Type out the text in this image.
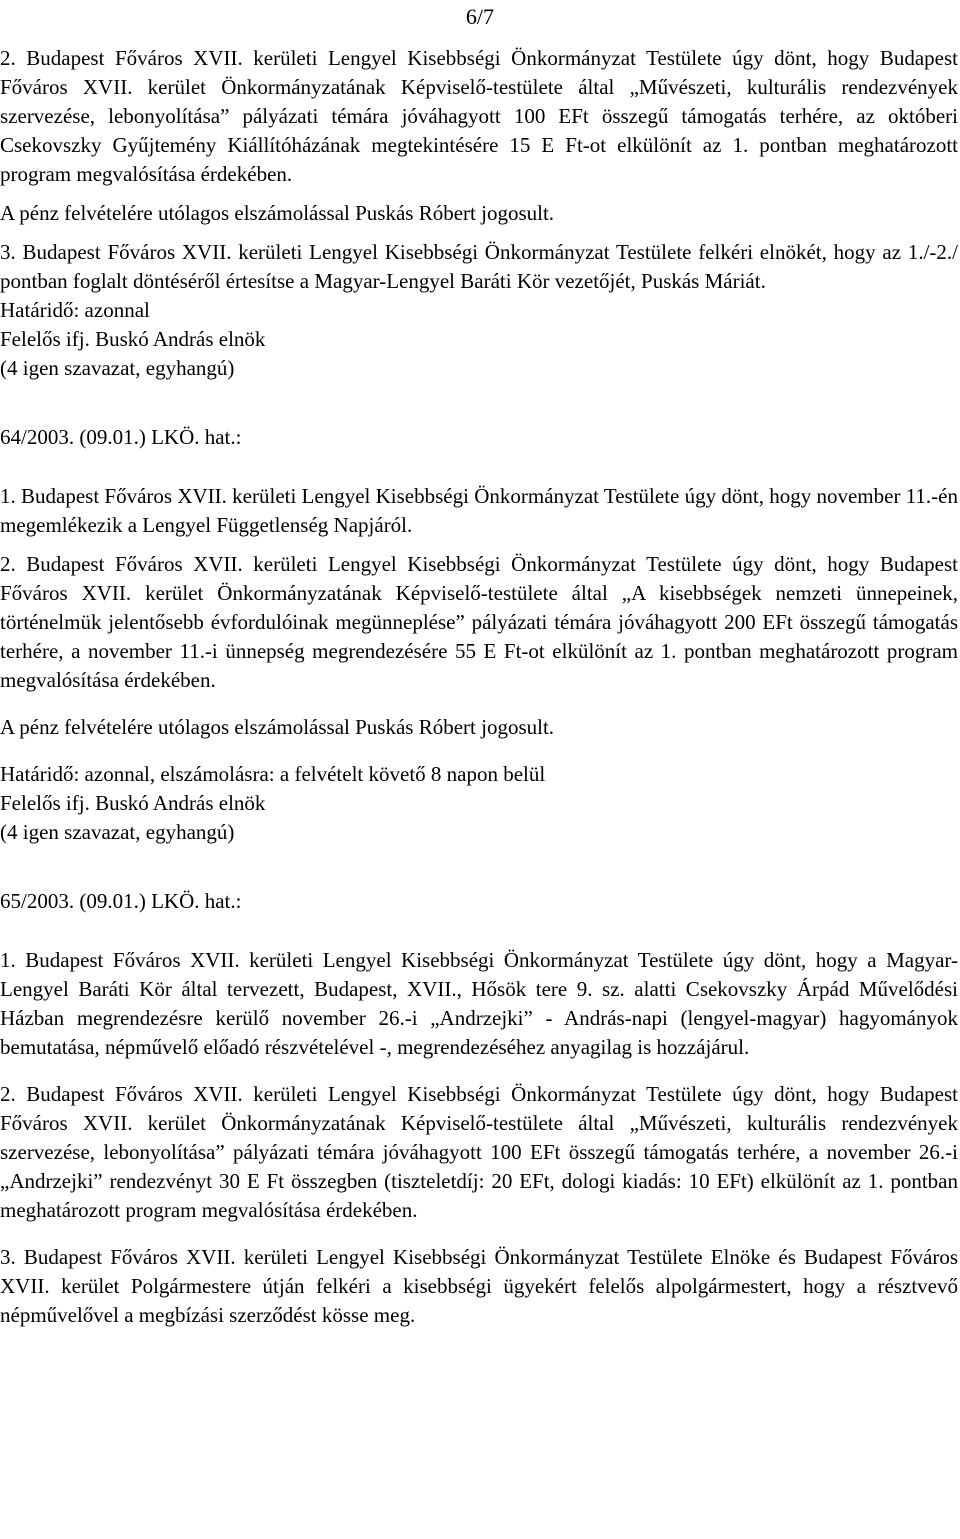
6/7

2. Budapest Főváros XVII. kerületi Lengyel Kisebbségi Önkormányzat Testülete úgy dönt, hogy Budapest Főváros XVII. kerület Önkormányzatának Képviselő-testülete által „Művészeti, kulturális rendezvények szervezése, lebonyolítása” pályázati témára jóváhagyott 100 EFt összegű támogatás terhére, az októberi Csekovszky Gyűjtemény Kiállítóházának megtekintésére 15 E Ft-ot elkülönít az 1. pontban meghatározott program megvalósítása érdekében.

A pénz felvételére utólagos elszámolással Puskás Róbert jogosult.

3. Budapest Főváros XVII. kerületi Lengyel Kisebbségi Önkormányzat Testülete felkéri elnökét, hogy az 1./-2./ pontban foglalt döntéséről értesítse a Magyar-Lengyel Baráti Kör vezetőjét, Puskás Máriát.

Határidő: azonnal

Felelős ifj. Buskó András elnök

(4 igen szavazat, egyhangú)

64/2003. (09.01.) LKÖ. hat.:

1. Budapest Főváros XVII. kerületi Lengyel Kisebbségi Önkormányzat Testülete úgy dönt, hogy november 11.-én megemlékezik a Lengyel Függetlenség Napjáról.

2. Budapest Főváros XVII. kerületi Lengyel Kisebbségi Önkormányzat Testülete úgy dönt, hogy Budapest Főváros XVII. kerület Önkormányzatának Képviselő-testülete által „A kisebbségek nemzeti ünnepeinek, történelmük jelentősebb évfordulóinak megünneplése” pályázati témára jóváhagyott 200 EFt összegű támogatás terhére, a november 11.-i ünnepség megrendezésére 55 E Ft-ot elkülönít az 1. pontban meghatározott program megvalósítása érdekében.

A pénz felvételére utólagos elszámolással Puskás Róbert jogosult.

Határidő: azonnal, elszámolásra: a felvételt követő 8 napon belül

Felelős ifj. Buskó András elnök

(4 igen szavazat, egyhangú)

65/2003. (09.01.) LKÖ. hat.:

1. Budapest Főváros XVII. kerületi Lengyel Kisebbségi Önkormányzat Testülete úgy dönt, hogy a Magyar-Lengyel Baráti Kör által tervezett, Budapest, XVII., Hősök tere 9. sz. alatti Csekovszky Árpád Művelődési Házban megrendezésre kerülő november 26.-i „Andrzejki” - András-napi (lengyel-magyar) hagyományok bemutatása, népművelő előadó részvételével -, megrendezéséhez anyagilag is hozzájárul.

2. Budapest Főváros XVII. kerületi Lengyel Kisebbségi Önkormányzat Testülete úgy dönt, hogy Budapest Főváros XVII. kerület Önkormányzatának Képviselő-testülete által „Művészeti, kulturális rendezvények szervezése, lebonyolítása” pályázati témára jóváhagyott 100 EFt összegű támogatás terhére, a november 26.-i „Andrzejki” rendezvényt 30 E Ft összegben (tiszteletdíj: 20 EFt, dologi kiadás: 10 EFt) elkülönít az 1. pontban meghatározott program megvalósítása érdekében.

3. Budapest Főváros XVII. kerületi Lengyel Kisebbségi Önkormányzat Testülete Elnöke és Budapest Főváros XVII. kerület Polgármestere útján felkéri a kisebbségi ügyekért felelős alpolgármestert, hogy a résztvevő népművelővel a megbízási szerződést kösse meg.
